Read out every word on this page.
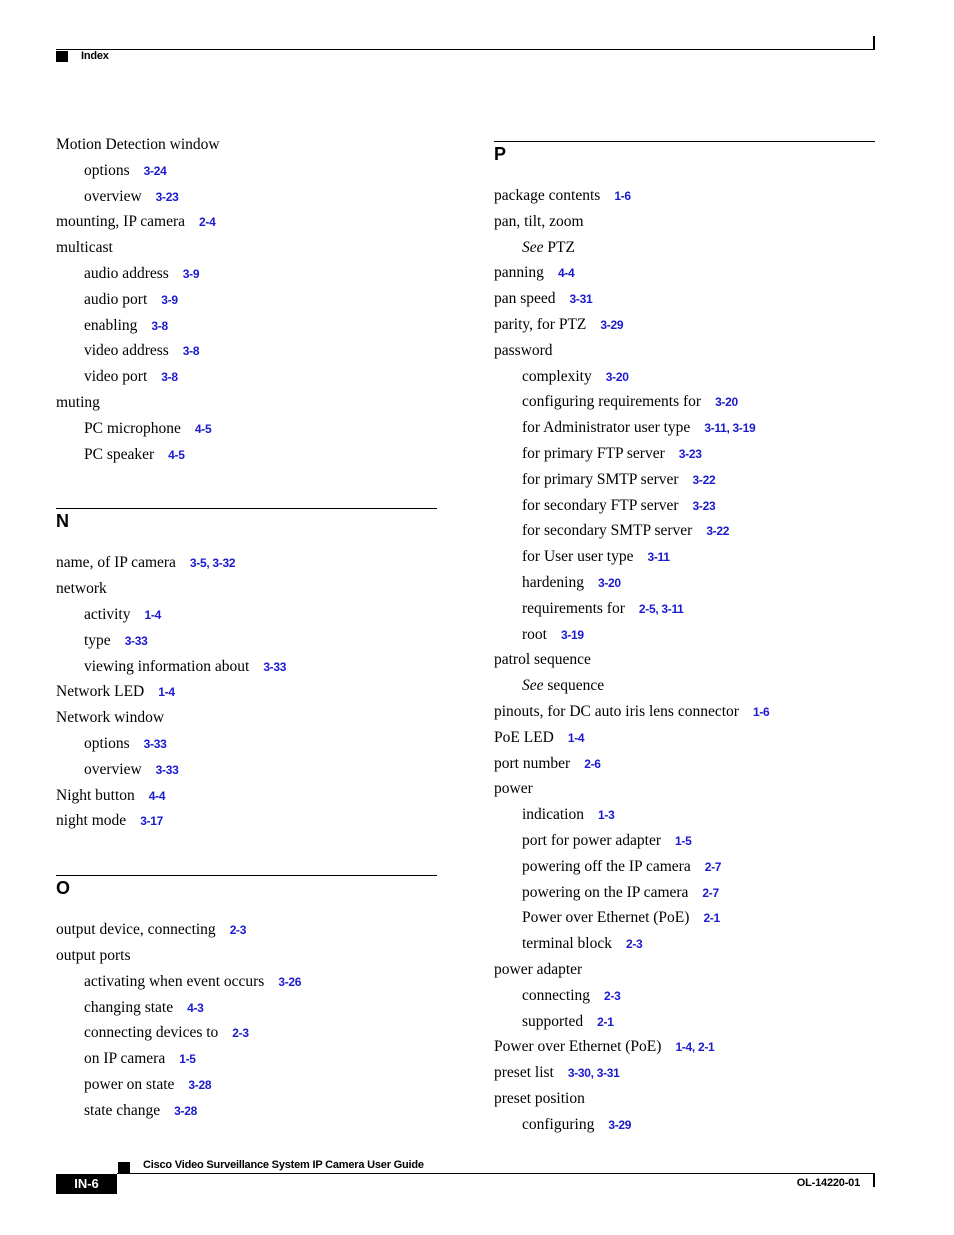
Index
Motion Detection window
options 3-24
overview 3-23
mounting, IP camera 2-4
multicast
audio address 3-9
audio port 3-9
enabling 3-8
video address 3-8
video port 3-8
muting
PC microphone 4-5
PC speaker 4-5
N
name, of IP camera 3-5, 3-32
network
activity 1-4
type 3-33
viewing information about 3-33
Network LED 1-4
Network window
options 3-33
overview 3-33
Night button 4-4
night mode 3-17
O
output device, connecting 2-3
output ports
activating when event occurs 3-26
changing state 4-3
connecting devices to 2-3
on IP camera 1-5
power on state 3-28
state change 3-28
P
package contents 1-6
pan, tilt, zoom
See PTZ
panning 4-4
pan speed 3-31
parity, for PTZ 3-29
password
complexity 3-20
configuring requirements for 3-20
for Administrator user type 3-11, 3-19
for primary FTP server 3-23
for primary SMTP server 3-22
for secondary FTP server 3-23
for secondary SMTP server 3-22
for User user type 3-11
hardening 3-20
requirements for 2-5, 3-11
root 3-19
patrol sequence
See sequence
pinouts, for DC auto iris lens connector 1-6
PoE LED 1-4
port number 2-6
power
indication 1-3
port for power adapter 1-5
powering off the IP camera 2-7
powering on the IP camera 2-7
Power over Ethernet (PoE) 2-1
terminal block 2-3
power adapter
connecting 2-3
supported 2-1
Power over Ethernet (PoE) 1-4, 2-1
preset list 3-30, 3-31
preset position
configuring 3-29
Cisco Video Surveillance System IP Camera User Guide
IN-6	OL-14220-01
